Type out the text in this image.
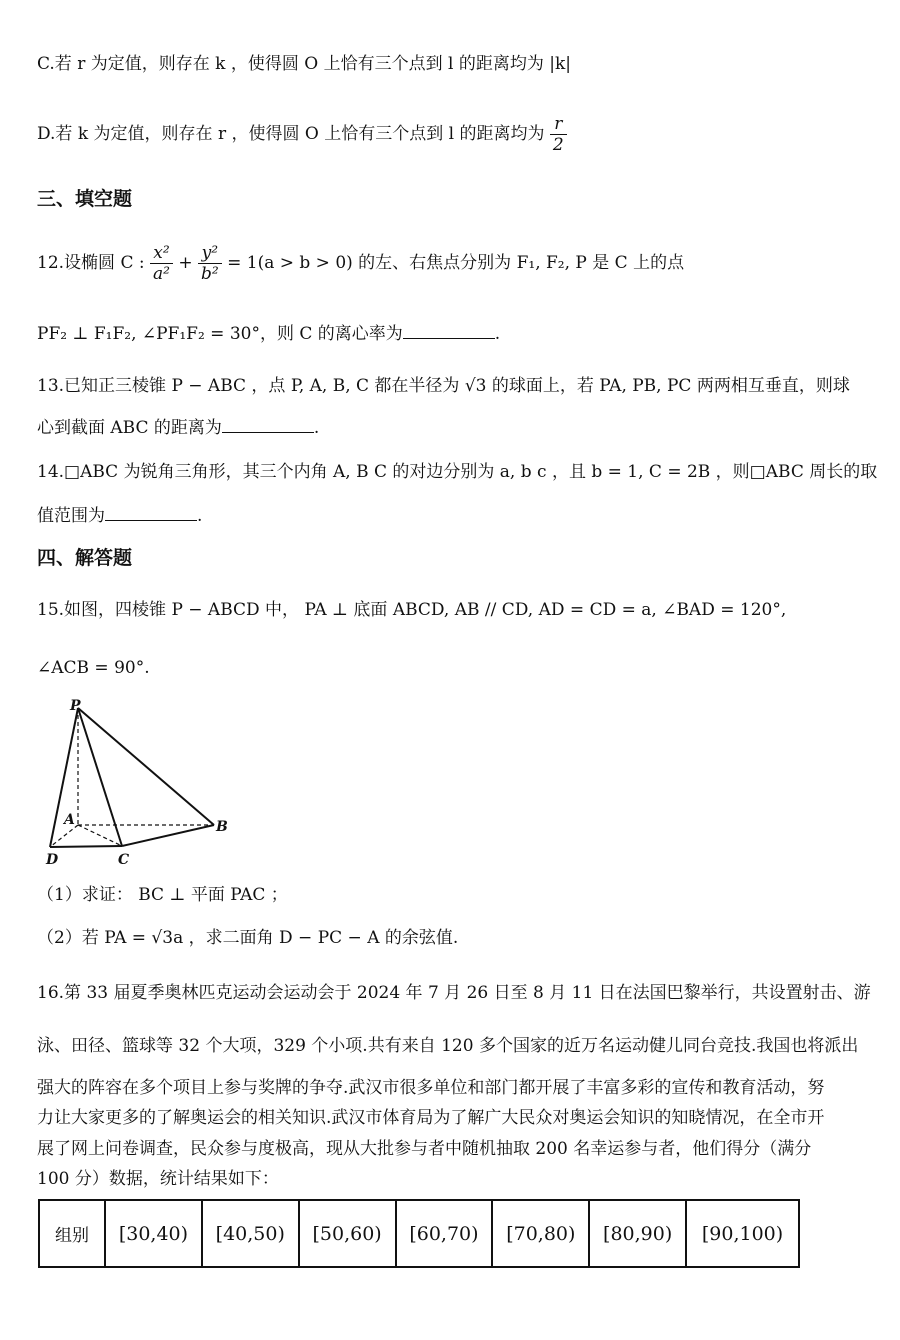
C.若 r 为定值，则存在 k ，使得圆 O 上恰有三个点到 l 的距离均为 |k|
D.若 k 为定值，则存在 r ，使得圆 O 上恰有三个点到 l 的距离均为 $\frac{r}{2}$
三、填空题
12.设椭圆 C : $\frac{\text{x²}}{\text{a²}} + \frac{\text{y²}}{\text{b²}} = 1(a > b > 0)$ 的左、右焦点分别为 F₁, F₂, P 是 C 上的点
PF₂ ⊥ F₁F₂, ∠PF₁F₂ = 30°，则 C 的离心率为	.
13.已知正三棱锥 P − ABC ，点 P, A, B, C 都在半径为 √3 的球面上，若 PA, PB, PC 两两相互垂直，则球
心到截面 ABC 的距离为	.
14.□ABC 为锐角三角形，其三个内角 A, B C 的对边分别为 a, b c ，且 b = 1, C = 2B ，则□ABC 周长的取
值范围为	.
四、解答题
15.如图，四棱锥 P − ABCD 中， PA ⊥ 底面 ABCD, AB // CD, AD = CD = a, ∠BAD = 120°,
∠ACB = 90°.
P
A	B
C
D
（1）求证： BC ⊥ 平面 PAC ；
（2）若 PA = √3a ，求二面角 D − PC − A 的余弦值.
16.第 33 届夏季奥林匹克运动会运动会于 2024 年 7 月 26 日至 8 月 11 日在法国巴黎举行，共设置射击、游
泳、田径、篮球等 32 个大项，329 个小项.共有来自 120 多个国家的近万名运动健儿同台竞技.我国也将派出
强大的阵容在多个项目上参与奖牌的争夺.武汉市很多单位和部门都开展了丰富多彩的宣传和教育活动，努
力让大家更多的了解奥运会的相关知识.武汉市体育局为了解广大民众对奥运会知识的知晓情况，在全市开
展了网上问卷调查，民众参与度极高，现从大批参与者中随机抽取 200 名幸运参与者，他们得分（满分
100 分）数据，统计结果如下：
组别	[30,40)	[40,50)	[50,60)	[60,70)	[70,80)	[80,90)	[90,100)
